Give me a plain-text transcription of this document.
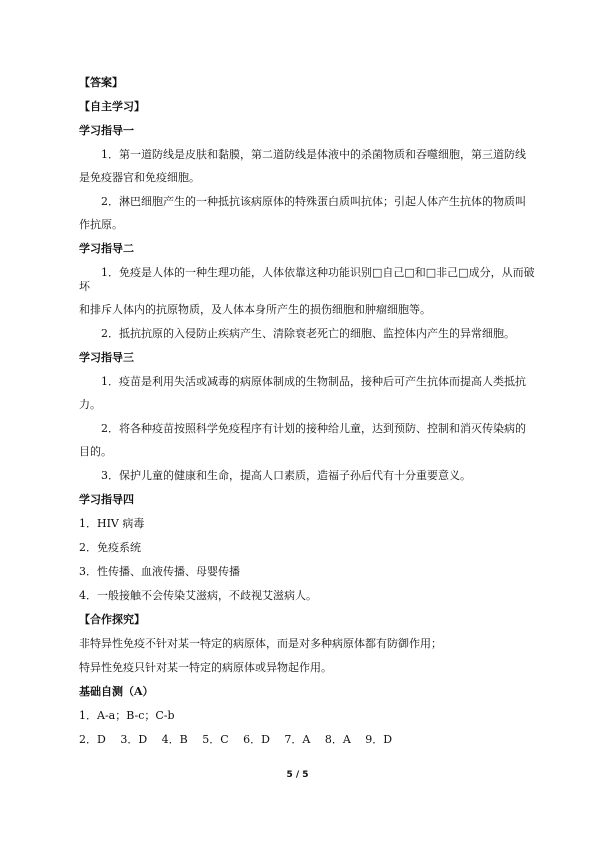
【答案】

【自主学习】

学习指导一

1．第一道防线是皮肤和黏膜，第二道防线是体液中的杀菌物质和吞噬细胞，第三道防线

是免疫器官和免疫细胞。

2．淋巴细胞产生的一种抵抗该病原体的特殊蛋白质叫抗体；引起人体产生抗体的物质叫

作抗原。

学习指导二

1．免疫是人体的一种生理功能，人体依靠这种功能识别□自己□和□非己□成分，从而破坏

和排斥人体内的抗原物质，及人体本身所产生的损伤细胞和肿瘤细胞等。

2．抵抗抗原的入侵防止疾病产生、清除衰老死亡的细胞、监控体内产生的异常细胞。

学习指导三

1．疫苗是利用失活或减毒的病原体制成的生物制品，接种后可产生抗体而提高人类抵抗

力。

2．将各种疫苗按照科学免疫程序有计划的接种给儿童，达到预防、控制和消灭传染病的

目的。

3．保护儿童的健康和生命，提高人口素质，造福子孙后代有十分重要意义。

学习指导四

1．HIV 病毒

2．免疫系统

3．性传播、血液传播、母婴传播

4．一般接触不会传染艾滋病，不歧视艾滋病人。

【合作探究】

非特异性免疫不针对某一特定的病原体，而是对多种病原体都有防御作用；

特异性免疫只针对某一特定的病原体或异物起作用。

基础自测（A）

1．A-a；B-c；C-b

2．D　 3．D　 4．B　 5．C　 6．D　 7．A　 8．A　 9．D

5 / 5
